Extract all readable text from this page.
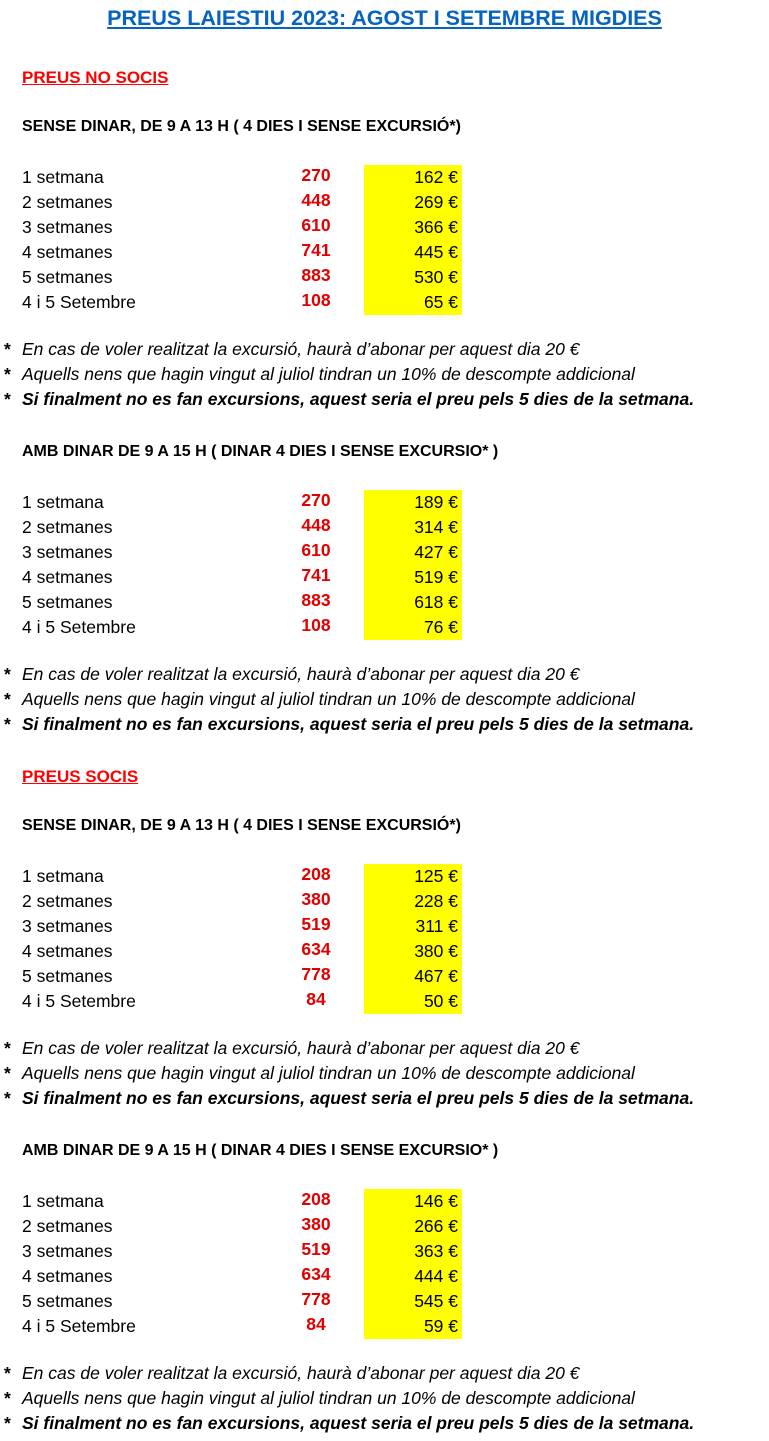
PREUS LAIESTIU 2023: AGOST I SETEMBRE MIGDIES
PREUS NO SOCIS
SENSE DINAR, DE 9 A 13 H ( 4 DIES I SENSE EXCURSIÓ*)
1 setmana	270	162 €
2 setmanes	448	269 €
3 setmanes	610	366 €
4 setmanes	741	445 €
5 setmanes	883	530 €
4 i 5 Setembre	108	65 €
* En cas de voler realitzat la excursió, haurà d’abonar per aquest dia 20 €
* Aquells nens que hagin vingut al juliol tindran un 10% de descompte addicional
* Si finalment no es fan excursions, aquest seria el preu pels 5 dies de la setmana.
AMB DINAR DE 9 A 15 H ( DINAR 4 DIES I SENSE EXCURSIO* )
1 setmana	270	189 €
2 setmanes	448	314 €
3 setmanes	610	427 €
4 setmanes	741	519 €
5 setmanes	883	618 €
4 i 5 Setembre	108	76 €
* En cas de voler realitzat la excursió, haurà d’abonar per aquest dia 20 €
* Aquells nens que hagin vingut al juliol tindran un 10% de descompte addicional
* Si finalment no es fan excursions, aquest seria el preu pels 5 dies de la setmana.
PREUS SOCIS
SENSE DINAR, DE 9 A 13 H ( 4 DIES I SENSE EXCURSIÓ*)
1 setmana	208	125 €
2 setmanes	380	228 €
3 setmanes	519	311 €
4 setmanes	634	380 €
5 setmanes	778	467 €
4 i 5 Setembre	84	50 €
* En cas de voler realitzat la excursió, haurà d’abonar per aquest dia 20 €
* Aquells nens que hagin vingut al juliol tindran un 10% de descompte addicional
* Si finalment no es fan excursions, aquest seria el preu pels 5 dies de la setmana.
AMB DINAR DE 9 A 15 H ( DINAR 4 DIES I SENSE EXCURSIO* )
1 setmana	208	146 €
2 setmanes	380	266 €
3 setmanes	519	363 €
4 setmanes	634	444 €
5 setmanes	778	545 €
4 i 5 Setembre	84	59 €
* En cas de voler realitzat la excursió, haurà d’abonar per aquest dia 20 €
* Aquells nens que hagin vingut al juliol tindran un 10% de descompte addicional
* Si finalment no es fan excursions, aquest seria el preu pels 5 dies de la setmana.
